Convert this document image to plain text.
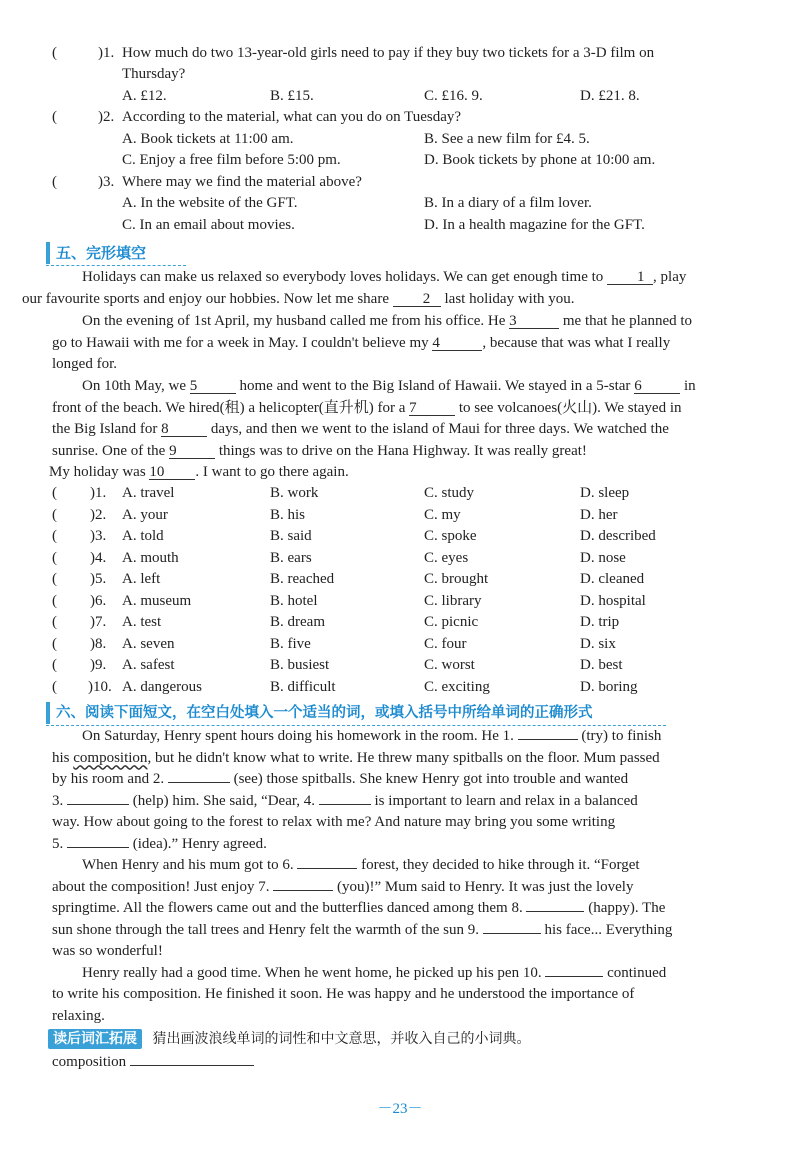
(	)1. How much do two 13-year-old girls need to pay if they buy two tickets for a 3-D film on
Thursday?
A. £12.	B. £15.	C. £16. 9.	D. £21. 8.
(	)2. According to the material, what can you do on Tuesday?
A. Book tickets at 11:00 am.	B. See a new film for £4. 5.
C. Enjoy a free film before 5:00 pm.	D. Book tickets by phone at 10:00 am.
(	)3. Where may we find the material above?
A. In the website of the GFT.	B. In a diary of a film lover.
C. In an email about movies.	D. In a health magazine for the GFT.
五、完形填空
Holidays can make us relaxed so everybody loves holidays. We can get enough time to 1 , play
our favourite sports and enjoy our hobbies. Now let me share 2 last holiday with you.
On the evening of 1st April, my husband called me from his office. He 3	me that he planned to
go to Hawaii with me for a week in May. I couldn't believe my 4	, because that was what I really
longed for.
On 10th May, we 5	home and went to the Big Island of Hawaii. We stayed in a 5-star 6	in
front of the beach. We hired(租) a helicopter(直升机) for a 7	to see volcanoes(火山). We stayed in
the Big Island for 8	days, and then we went to the island of Maui for three days. We watched the
sunrise. One of the 9	things was to drive on the Hana Highway. It was really great!
My holiday was 10 . I want to go there again.
( )1. A. travel	B. work	C. study	D. sleep
( )2. A. your	B. his	C. my	D. her
( )3. A. told	B. said	C. spoke	D. described
( )4. A. mouth	B. ears	C. eyes	D. nose
( )5. A. left	B. reached	C. brought	D. cleaned
( )6. A. museum	B. hotel	C. library	D. hospital
( )7. A. test	B. dream	C. picnic	D. trip
( )8. A. seven	B. five	C. four	D. six
( )9. A. safest	B. busiest	C. worst	D. best
( )10. A. dangerous	B. difficult	C. exciting	D. boring
六、阅读下面短文，在空白处填入一个适当的词，或填入括号中所给单词的正确形式
On Saturday, Henry spent hours doing his homework in the room. He 1.	(try) to finish
his composition, but he didn't know what to write. He threw many spitballs on the floor. Mum passed
by his room and 2.	(see) those spitballs. She knew Henry got into trouble and wanted
3.	(help) him. She said, “Dear, 4.	is important to learn and relax in a balanced
way. How about going to the forest to relax with me? And nature may bring you some writing
5.	(idea).” Henry agreed.
When Henry and his mum got to 6.	forest, they decided to hike through it. “Forget
about the composition! Just enjoy 7.	(you)!” Mum said to Henry. It was just the lovely
springtime. All the flowers came out and the butterflies danced among them 8.	(happy). The
sun shone through the tall trees and Henry felt the warmth of the sun 9.	his face... Everything
was so wonderful!
Henry really had a good time. When he went home, he picked up his pen 10.	continued
to write his composition. He finished it soon. He was happy and he understood the importance of
relaxing.
读后词汇拓展 猜出画波浪线单词的词性和中文意思，并收入自己的小词典。
composition
－23－
